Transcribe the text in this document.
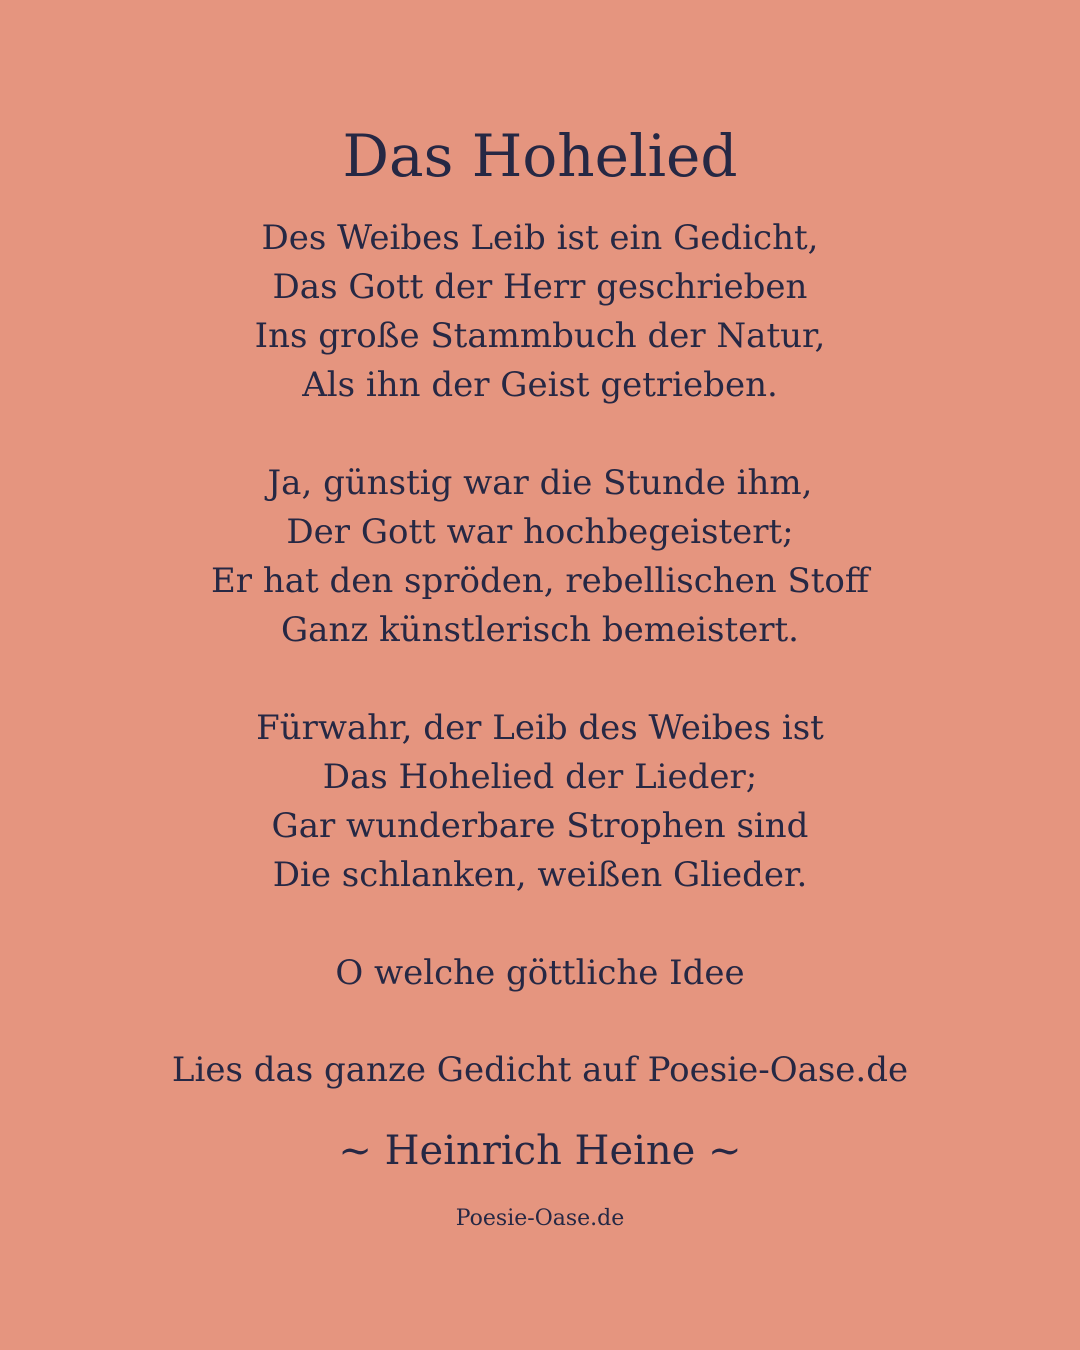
Das Hohelied
Des Weibes Leib ist ein Gedicht,
Das Gott der Herr geschrieben
Ins große Stammbuch der Natur,
Als ihn der Geist getrieben.
Ja, günstig war die Stunde ihm,
Der Gott war hochbegeistert;
Er hat den spröden, rebellischen Stoff
Ganz künstlerisch bemeistert.
Fürwahr, der Leib des Weibes ist
Das Hohelied der Lieder;
Gar wunderbare Strophen sind
Die schlanken, weißen Glieder.
O welche göttliche Idee
Lies das ganze Gedicht auf Poesie-Oase.de
~ Heinrich Heine ~
Poesie-Oase.de
